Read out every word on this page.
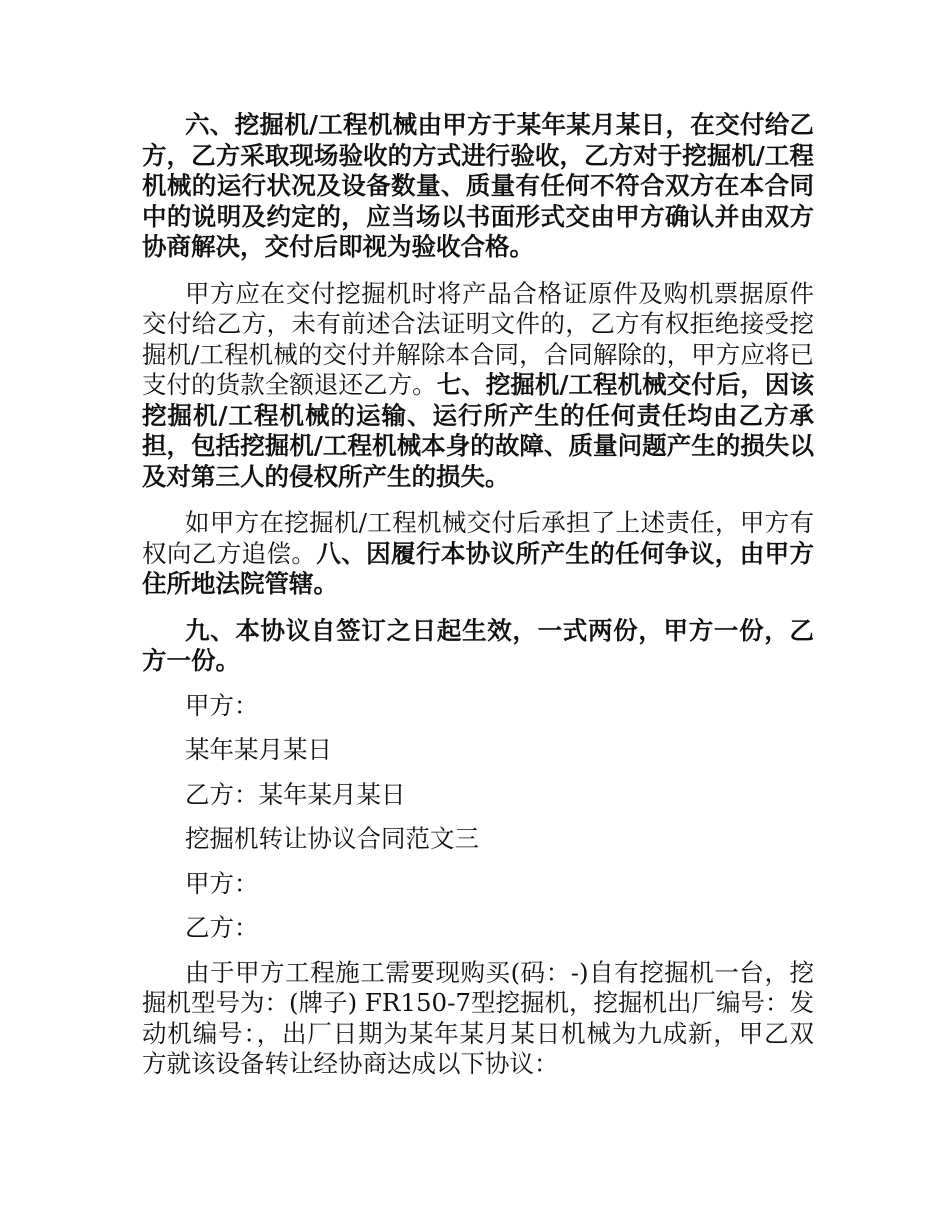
六、挖掘机/工程机械由甲方于某年某月某日，在交付给乙方，乙方采取现场验收的方式进行验收，乙方对于挖掘机/工程机械的运行状况及设备数量、质量有任何不符合双方在本合同中的说明及约定的，应当场以书面形式交由甲方确认并由双方协商解决，交付后即视为验收合格。

甲方应在交付挖掘机时将产品合格证原件及购机票据原件交付给乙方，未有前述合法证明文件的，乙方有权拒绝接受挖掘机/工程机械的交付并解除本合同，合同解除的，甲方应将已支付的货款全额退还乙方。七、挖掘机/工程机械交付后，因该挖掘机/工程机械的运输、运行所产生的任何责任均由乙方承担，包括挖掘机/工程机械本身的故障、质量问题产生的损失以及对第三人的侵权所产生的损失。

如甲方在挖掘机/工程机械交付后承担了上述责任，甲方有权向乙方追偿。八、因履行本协议所产生的任何争议，由甲方住所地法院管辖。

九、本协议自签订之日起生效，一式两份，甲方一份，乙方一份。

甲方：

某年某月某日

乙方：某年某月某日

挖掘机转让协议合同范文三

甲方：

乙方：

由于甲方工程施工需要现购买(码：-)自有挖掘机一台，挖掘机型号为：(牌子) FR150-7型挖掘机，挖掘机出厂编号：发动机编号：，出厂日期为某年某月某日机械为九成新，甲乙双方就该设备转让经协商达成以下协议：
